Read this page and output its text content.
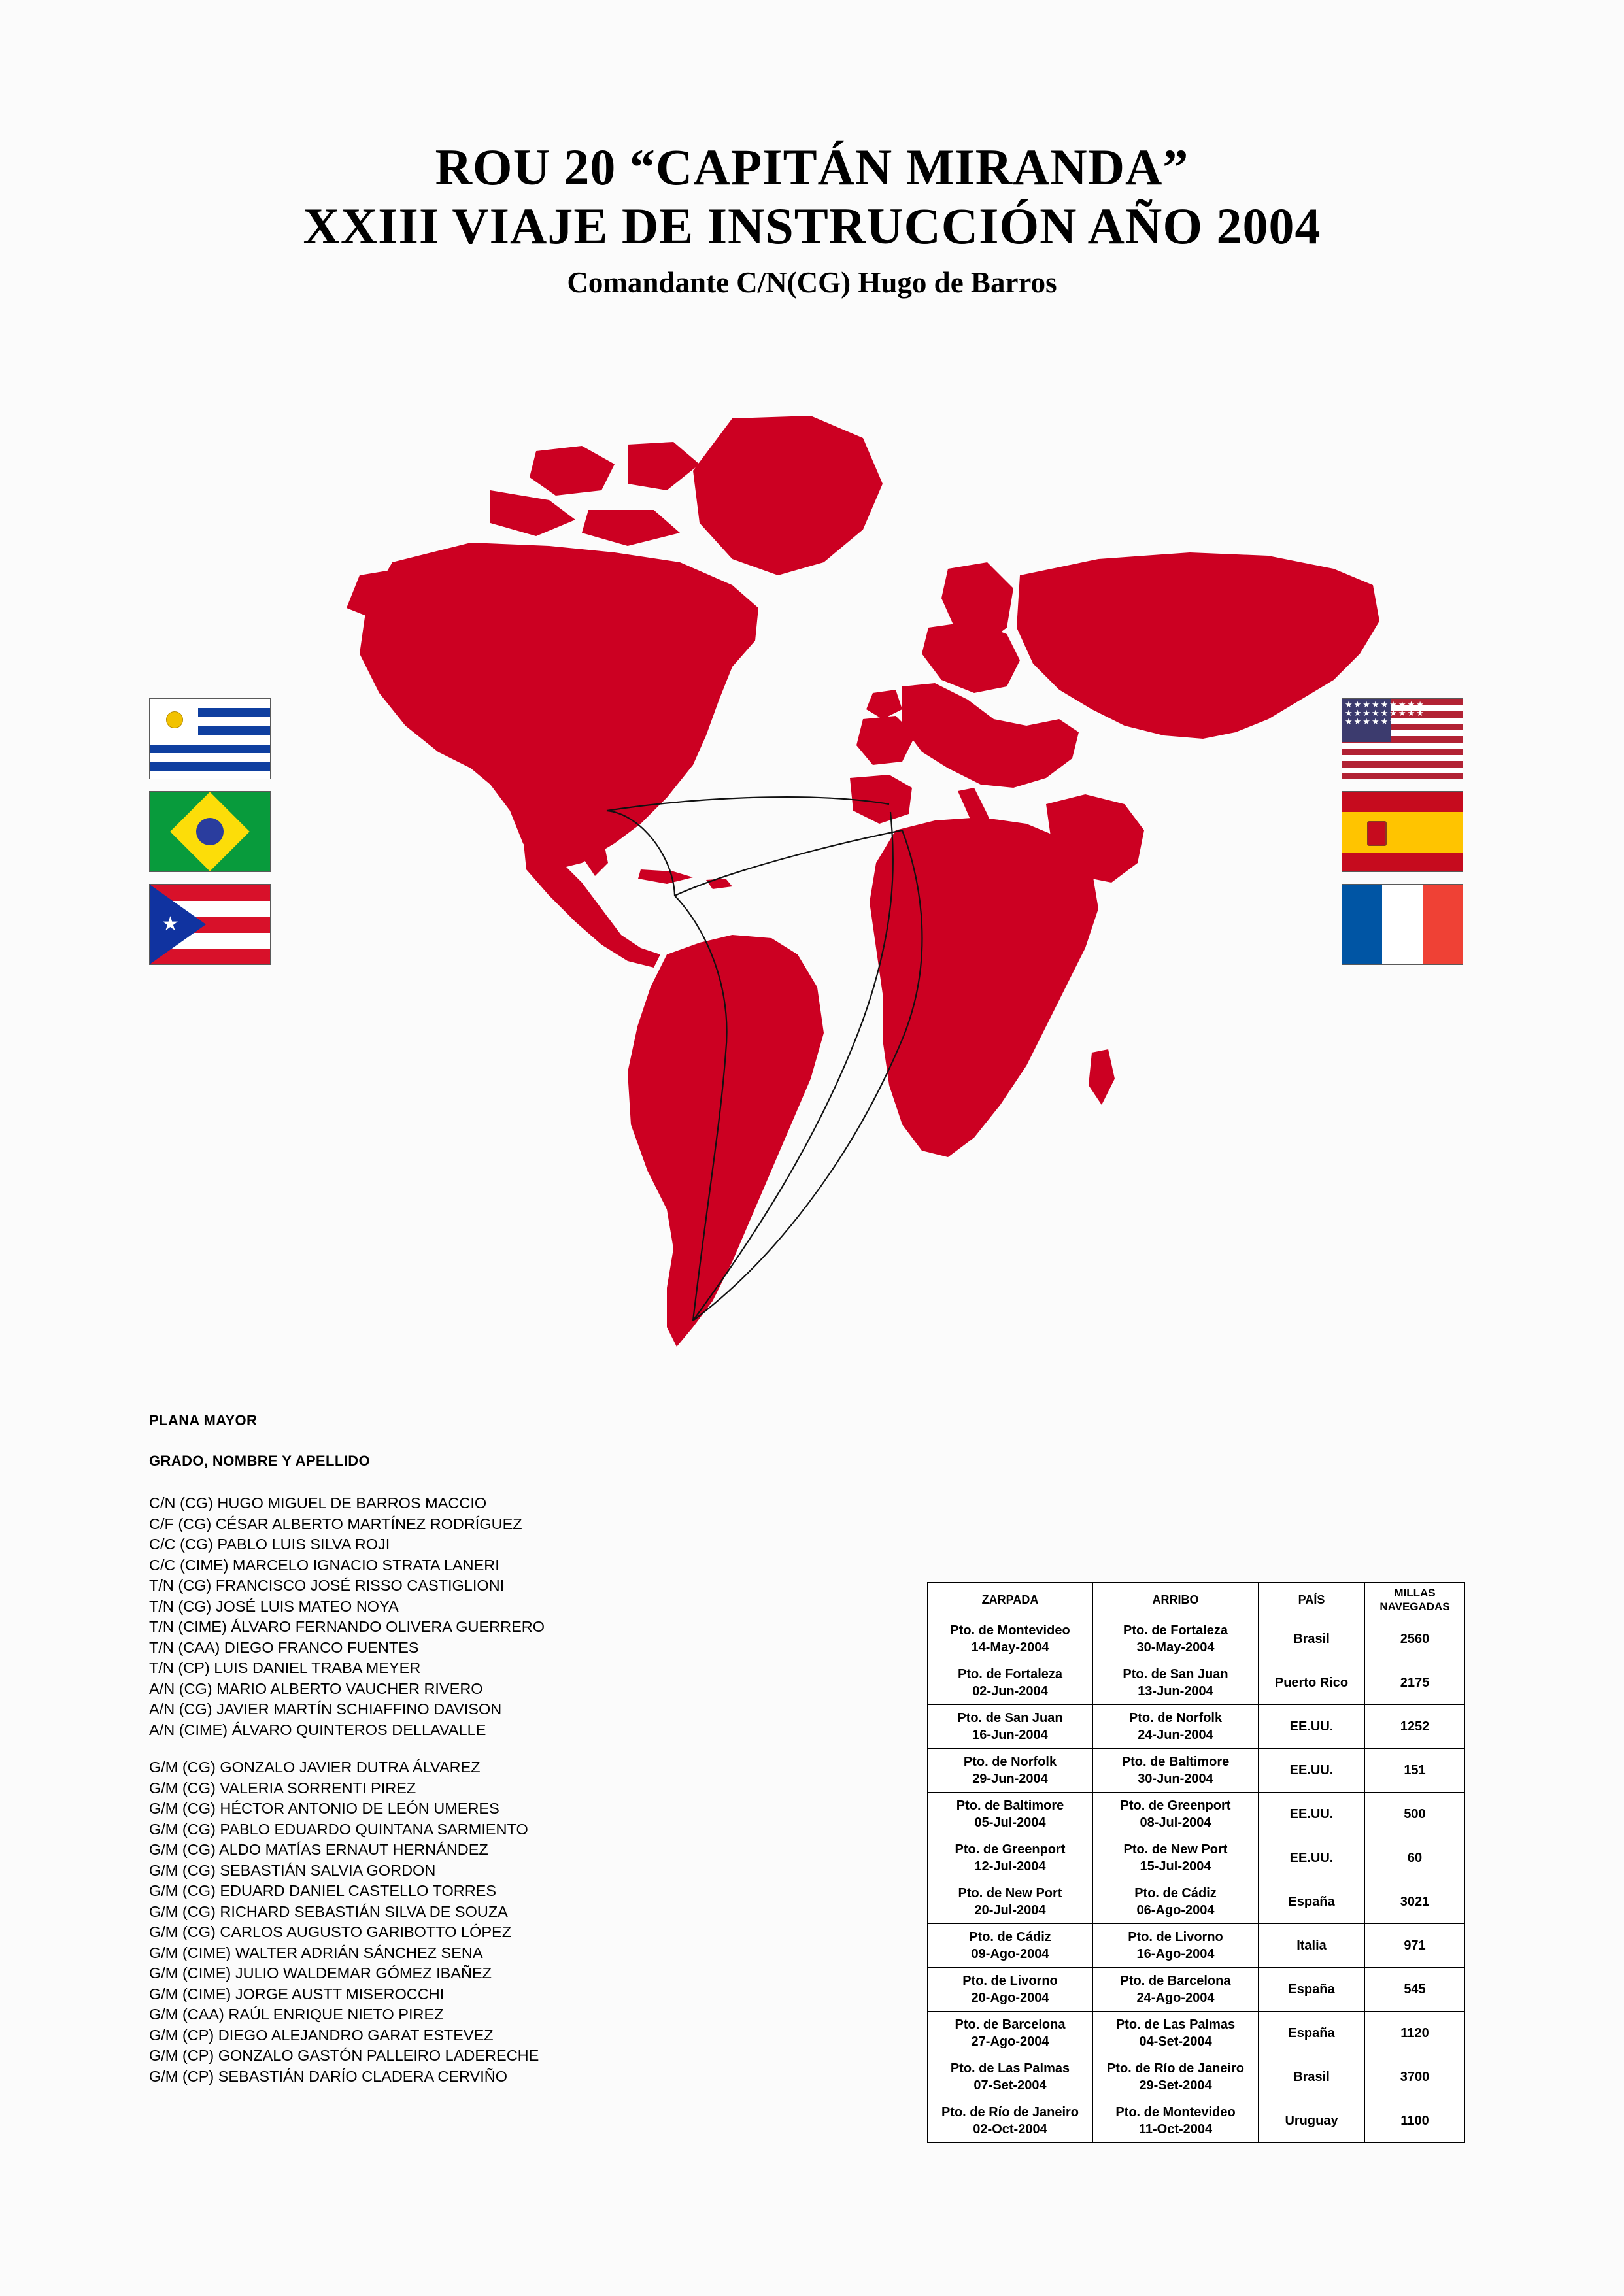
ROU 20 “CAPITÁN MIRANDA”
XXIII VIAJE DE INSTRUCCIÓN AÑO 2004
Comandante C/N(CG) Hugo de Barros
★★★★★★★★★ ★★★★★★★★★ ★★★★★★★★★
PLANA MAYOR
GRADO, NOMBRE Y APELLIDO
C/N (CG) HUGO MIGUEL DE BARROS MACCIO
C/F (CG) CÉSAR ALBERTO MARTÍNEZ RODRÍGUEZ
C/C (CG) PABLO LUIS SILVA ROJI
C/C (CIME) MARCELO IGNACIO STRATA LANERI
T/N (CG) FRANCISCO JOSÉ RISSO CASTIGLIONI
T/N (CG) JOSÉ LUIS MATEO NOYA
T/N (CIME) ÁLVARO FERNANDO OLIVERA GUERRERO
T/N (CAA) DIEGO FRANCO FUENTES
T/N (CP) LUIS DANIEL TRABA MEYER
A/N (CG) MARIO ALBERTO VAUCHER RIVERO
A/N (CG) JAVIER MARTÍN SCHIAFFINO DAVISON
A/N (CIME) ÁLVARO QUINTEROS DELLAVALLE
G/M (CG) GONZALO JAVIER DUTRA ÁLVAREZ
G/M (CG) VALERIA SORRENTI PIREZ
G/M (CG) HÉCTOR ANTONIO DE LEÓN UMERES
G/M (CG) PABLO EDUARDO QUINTANA SARMIENTO
G/M (CG) ALDO MATÍAS ERNAUT HERNÁNDEZ
G/M (CG) SEBASTIÁN SALVIA GORDON
G/M (CG) EDUARD DANIEL CASTELLO TORRES
G/M (CG) RICHARD SEBASTIÁN SILVA DE SOUZA
G/M (CG) CARLOS AUGUSTO GARIBOTTO LÓPEZ
G/M (CIME) WALTER ADRIÁN SÁNCHEZ SENA
G/M (CIME) JULIO WALDEMAR GÓMEZ IBAÑEZ
G/M (CIME) JORGE AUSTT MISEROCCHI
G/M (CAA) RAÚL ENRIQUE NIETO PIREZ
G/M (CP) DIEGO ALEJANDRO GARAT ESTEVEZ
G/M (CP) GONZALO GASTÓN PALLEIRO LADERECHE
G/M (CP) SEBASTIÁN DARÍO CLADERA CERVIÑO
ZARPADA	ARRIBO	PAÍS	MILLAS
NAVEGADAS

Pto. de Montevideo
14-May-2004	Pto. de Fortaleza
30-May-2004	Brasil	2560

Pto. de Fortaleza
02-Jun-2004	Pto. de San Juan
13-Jun-2004	Puerto Rico	2175

Pto. de San Juan
16-Jun-2004	Pto. de Norfolk
24-Jun-2004	EE.UU.	1252

Pto. de Norfolk
29-Jun-2004	Pto. de Baltimore
30-Jun-2004	EE.UU.	151

Pto. de Baltimore
05-Jul-2004	Pto. de Greenport
08-Jul-2004	EE.UU.	500

Pto. de Greenport
12-Jul-2004	Pto. de New Port
15-Jul-2004	EE.UU.	60

Pto. de New Port
20-Jul-2004	Pto. de Cádiz
06-Ago-2004	España	3021

Pto. de Cádiz
09-Ago-2004	Pto. de Livorno
16-Ago-2004	Italia	971

Pto. de Livorno
20-Ago-2004	Pto. de Barcelona
24-Ago-2004	España	545

Pto. de Barcelona
27-Ago-2004	Pto. de Las Palmas
04-Set-2004	España	1120

Pto. de Las Palmas
07-Set-2004	Pto. de Río de Janeiro
29-Set-2004	Brasil	3700

Pto. de Río de Janeiro
02-Oct-2004	Pto. de Montevideo
11-Oct-2004	Uruguay	1100
